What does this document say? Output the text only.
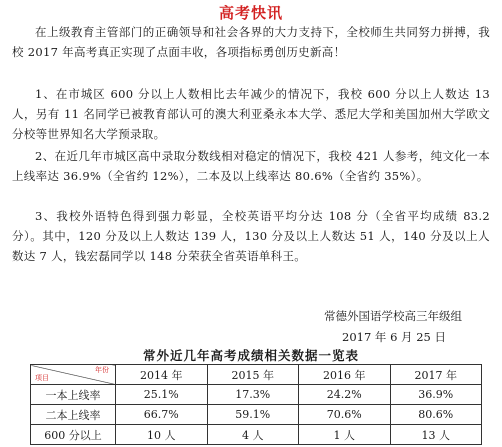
高考快讯
在上级教育主管部门的正确领导和社会各界的大力支持下，全校师生共同努力拼搏，我校 2017 年高考真正实现了点面丰收，各项指标勇创历史新高！
1、在市城区 600 分以上人数相比去年减少的情况下，我校 600 分以上人数达 13 人，另有 11 名同学已被教育部认可的澳大利亚桑永本大学、悉尼大学和美国加州大学欧文分校等世界知名大学预录取。
2、在近几年市城区高中录取分数线相对稳定的情况下，我校 421 人参考，纯文化一本上线率达 36.9%（全省约 12%），二本及以上线率达 80.6%（全省约 35%）。
3、我校外语特色得到强力彰显，全校英语平均分达 108 分（全省平均成绩 83.2 分）。其中，120 分及以上人数达 139 人，130 分及以上人数达 51 人，140 分及以上人数达 7 人，钱宏磊同学以 148 分荣获全省英语单科王。
常德外国语学校高三年级组
2017 年 6 月 25 日
常外近几年高考成绩相关数据一览表
年份
项目	2014 年	2015 年	2016 年	2017 年
一本上线率	25.1%	17.3%	24.2%	36.9%
二本上线率	66.7%	59.1%	70.6%	80.6%
600 分以上	10 人	4 人	1 人	13 人
